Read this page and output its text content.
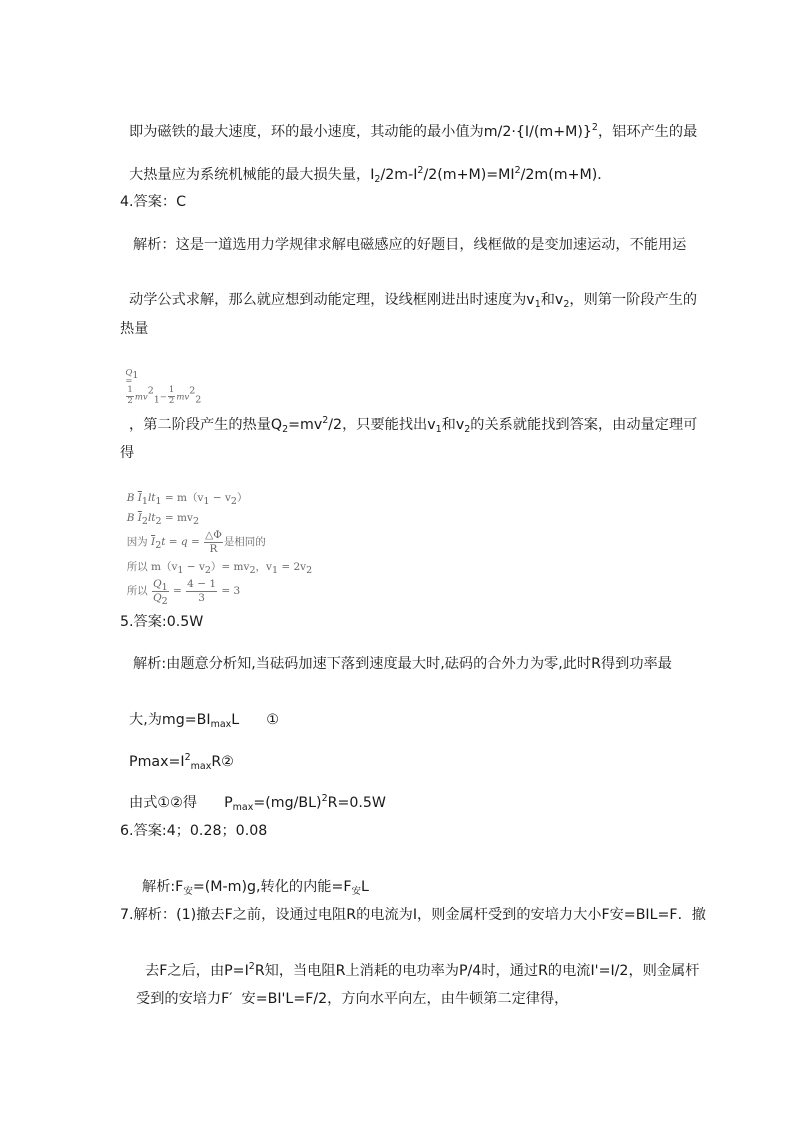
即为磁铁的最大速度，环的最小速度，其动能的最小值为$m/2\cdot\{I/(m+M)\}^2$，铝环产生的最

大热量应为系统机械能的最大损失量，$I_2/2m-I^2/2(m+M)=MI^2/2m(m+M)$．

4.答案：C
解析：这是一道选用力学规律求解电磁感应的好题目，线框做的是变加速运动，不能用运

动学公式求解，那么就应想到动能定理，设线框刚进出时速度为$v_1$和$v_2$，则第一阶段产生的

热量

$Q_1$
=

$\frac{1}{2} mv^2_1- \frac{1}{2} mv^2_2$

，第二阶段产生的热量$Q_2=mv^2/2$，只要能找出$v_1$和$v_2$的关系就能找到答案，由动量定理可

得

B $\overline{I}_1lt_1 = m(v_1 - v_2)$

B $\overline{I}_2lt_2 = mv_2$

因为 $\overline{I}_2t = q = \frac{\triangle\Phi}{R}$ 是相同的

所以 $m(v_1 - v_2)= mv_2$，$v_1 = 2v_2$

所以 $\frac{Q_1}{Q_2} = \frac{4 - 1}{3} = 3$

5.答案:0.5W
解析:由题意分析知,当砝码加速下落到速度最大时,砝码的合外力为零,此时R得到功率最

大,为$mg=BI_{max}L$      ①

$Pmax=I^2_{max}R②$

由式①②得      $P_{max}=(mg/BL)^2R=0.5W$

6.答案:4；0.28；0.08

解析$:F_安=(M-m)g$,转化的内能$=F_安L$

7.解析：(1)撤去F之前，设通过电阻R的电流为I，则金属杆受到的安培力大小F安=BIL=F．撤

去F之后，由$P=I^2R$知，当电阻R上消耗的电功率为P/4时，通过R的电流I'=I/2，则金属杆

受到的安培力F′  安=BI'L=F/2，方向水平向左，由牛顿第二定律得，
